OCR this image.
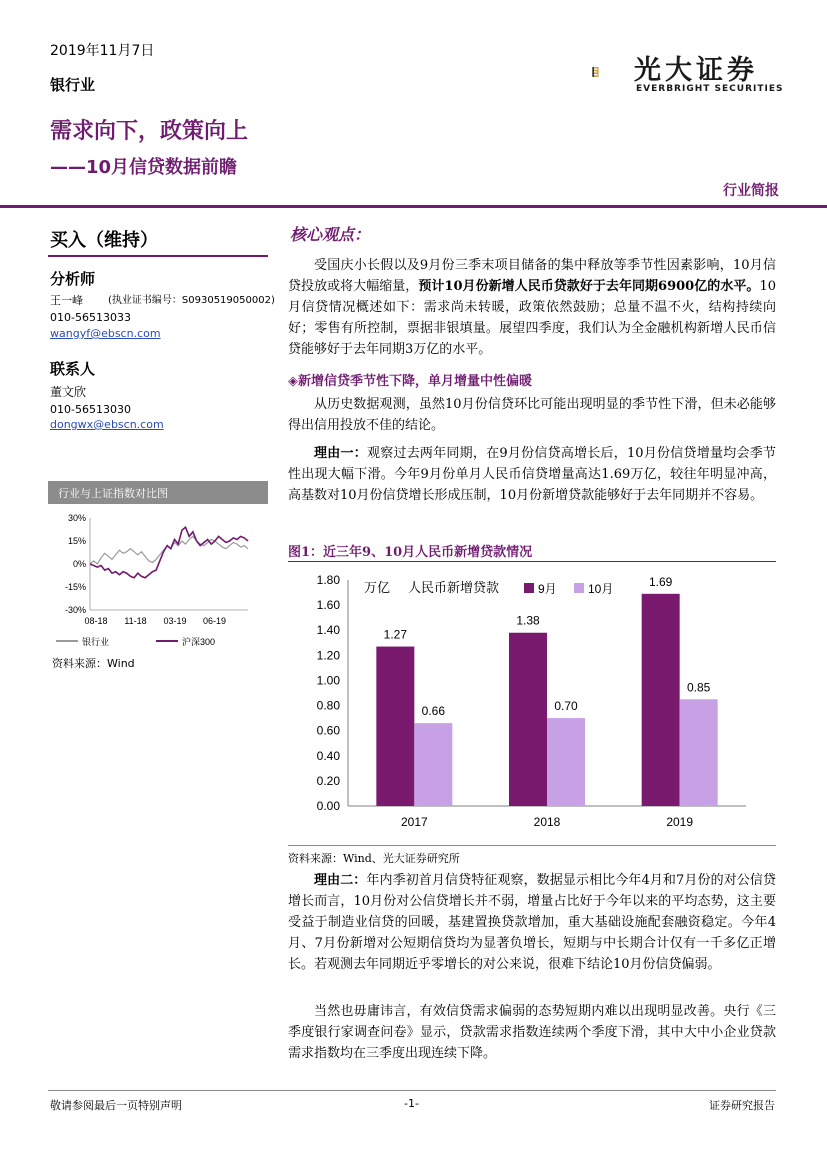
2019年11月7日
银行业
需求向下，政策向上
——10月信贷数据前瞻
光大证券
EVERBRIGHT SECURITIES
行业简报
买入（维持）
分析师
王一峰	(执业证书编号：S0930519050002)
010-56513033
wangyf@ebscn.com
联系人
董文欣
010-56513030
dongwx@ebscn.com
行业与上证指数对比图
30%
15%
0%
-15%
-30%
08-18 11-18 03-19 06-19
银行业	沪深300
资料来源：Wind
核心观点：
受国庆小长假以及9月份三季末项目储备的集中释放等季节性因素影响，10月信贷投放或将大幅缩量，预计10月份新增人民币贷款好于去年同期6900亿的水平。10月信贷情况概述如下：需求尚未转暖，政策依然鼓励；总量不温不火，结构持续向好；零售有所控制，票据非银填量。展望四季度，我们认为全金融机构新增人民币信贷能够好于去年同期3万亿的水平。
◈新增信贷季节性下降，单月增量中性偏暖
从历史数据观测，虽然10月份信贷环比可能出现明显的季节性下滑，但未必能够得出信用投放不佳的结论。
理由一：观察过去两年同期，在9月份信贷高增长后，10月份信贷增量均会季节性出现大幅下滑。今年9月份单月人民币信贷增量高达1.69万亿，较往年明显冲高，高基数对10月份信贷增长形成压制，10月份新增贷款能够好于去年同期并不容易。
图1：近三年9、10月人民币新增贷款情况
0.00
0.20
0.40
0.60
0.80
1.00
1.20
1.40
1.60
1.80
2017
1.27
0.66
2018
1.38
0.70
2019
1.69
0.85
万亿 人民币新增贷款	9月	10月
资料来源：Wind、光大证券研究所
理由二：年内季初首月信贷特征观察，数据显示相比今年4月和7月份的对公信贷增长而言，10月份对公信贷增长并不弱，增量占比好于今年以来的平均态势，这主要受益于制造业信贷的回暖，基建置换贷款增加，重大基础设施配套融资稳定。今年4月、7月份新增对公短期信贷均为显著负增长，短期与中长期合计仅有一千多亿正增长。若观测去年同期近乎零增长的对公来说，很难下结论10月份信贷偏弱。
当然也毋庸讳言，有效信贷需求偏弱的态势短期内难以出现明显改善。央行《三季度银行家调查问卷》显示，贷款需求指数连续两个季度下滑，其中大中小企业贷款需求指数均在三季度出现连续下降。
敬请参阅最后一页特别声明	-1-	证券研究报告
